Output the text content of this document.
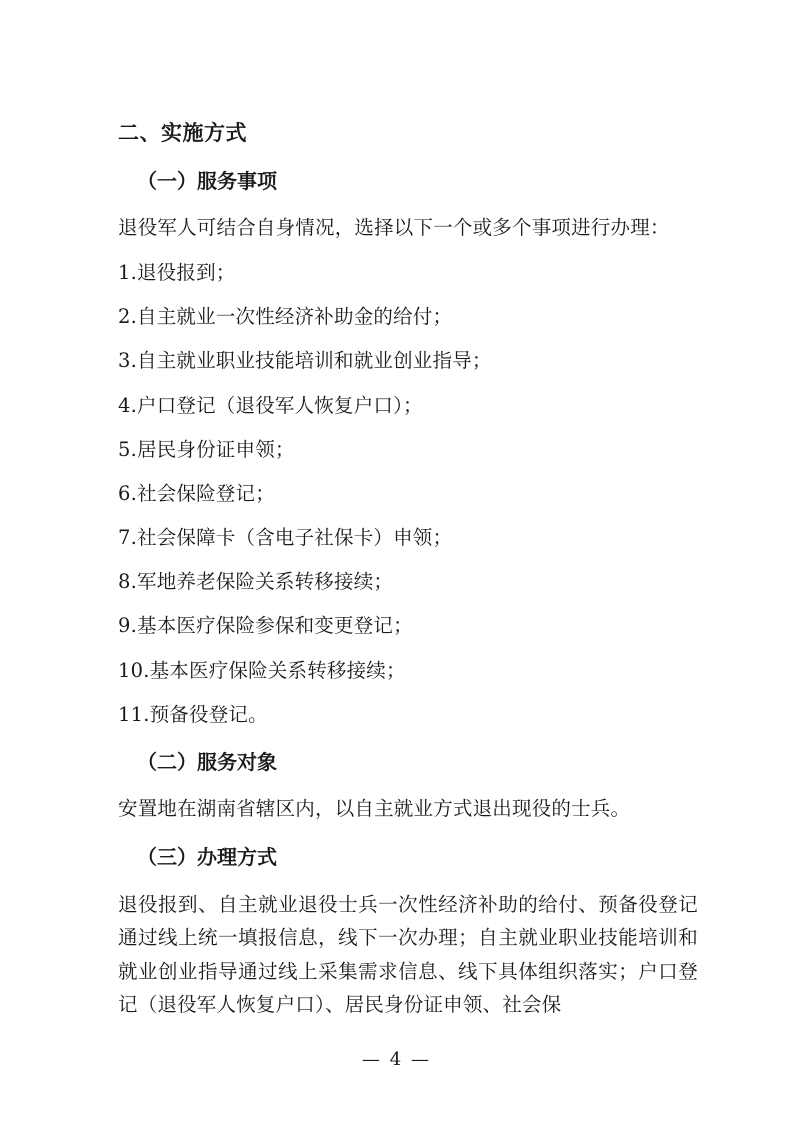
二、实施方式
（一）服务事项

退役军人可结合自身情况，选择以下一个或多个事项进行办理：

1.退役报到；

2.自主就业一次性经济补助金的给付；

3.自主就业职业技能培训和就业创业指导；

4.户口登记（退役军人恢复户口）；

5.居民身份证申领；

6.社会保险登记；

7.社会保障卡（含电子社保卡）申领；

8.军地养老保险关系转移接续；

9.基本医疗保险参保和变更登记；

10.基本医疗保险关系转移接续；

11.预备役登记。

（二）服务对象

安置地在湖南省辖区内，以自主就业方式退出现役的士兵。

（三）办理方式

退役报到、自主就业退役士兵一次性经济补助的给付、预备役登记通过线上统一填报信息，线下一次办理；自主就业职业技能培训和就业创业指导通过线上采集需求信息、线下具体组织落实；户口登记（退役军人恢复户口）、居民身份证申领、社会保

— 4 —
